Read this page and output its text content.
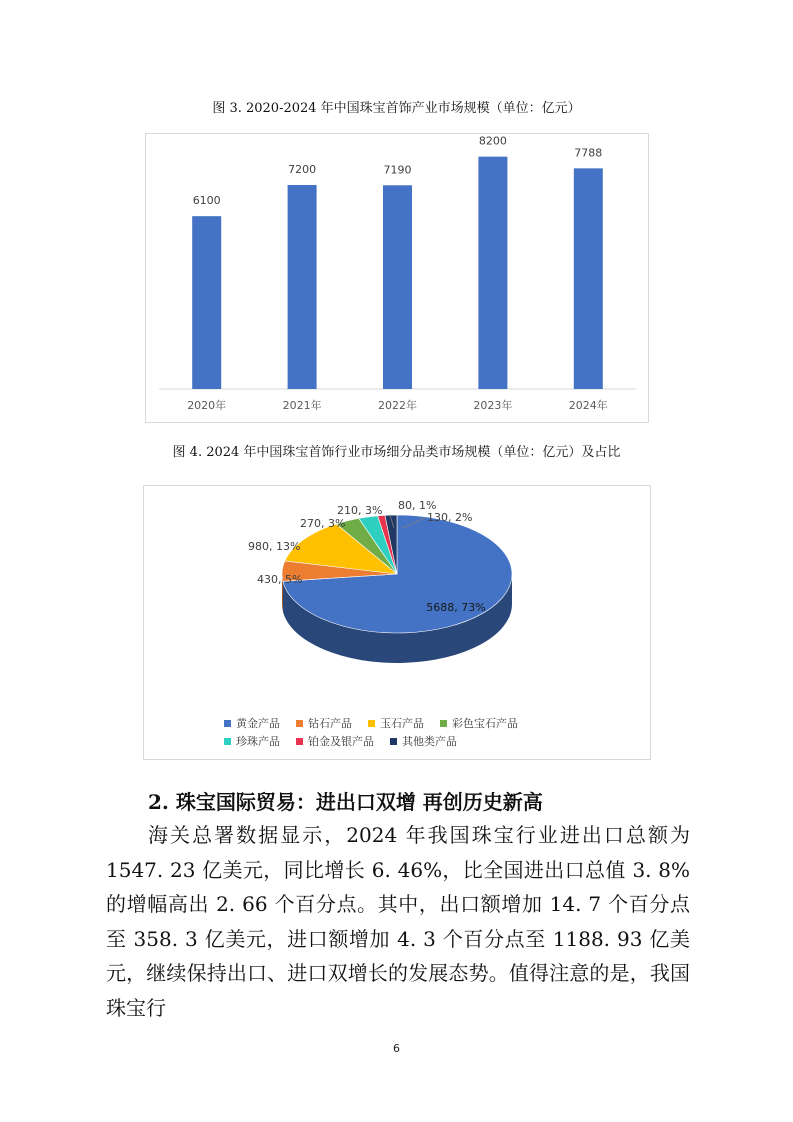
图 3. 2020-2024 年中国珠宝首饰产业市场规模（单位：亿元）
6100
2020年
7200
2021年
7190
2022年
8200
2023年
7788
2024年
图 4. 2024 年中国珠宝首饰行业市场细分品类市场规模（单位：亿元）及占比
5688, 73%
430, 5%
980, 13%
270, 3%
210, 3% 80, 1%
130, 2%
黄金产品	钻石产品	玉石产品	彩色宝石产品
珍珠产品	铂金及银产品	其他类产品
2. 珠宝国际贸易：进出口双增 再创历史新高
海关总署数据显示，2024 年我国珠宝行业进出口总额为 1547. 23 亿美元，同比增长 6. 46%，比全国进出口总值 3. 8%的增幅高出 2. 66 个百分点。其中，出口额增加 14. 7 个百分点至 358. 3 亿美元，进口额增加 4. 3 个百分点至 1188. 93 亿美元，继续保持出口、进口双增长的发展态势。值得注意的是，我国珠宝行
6
